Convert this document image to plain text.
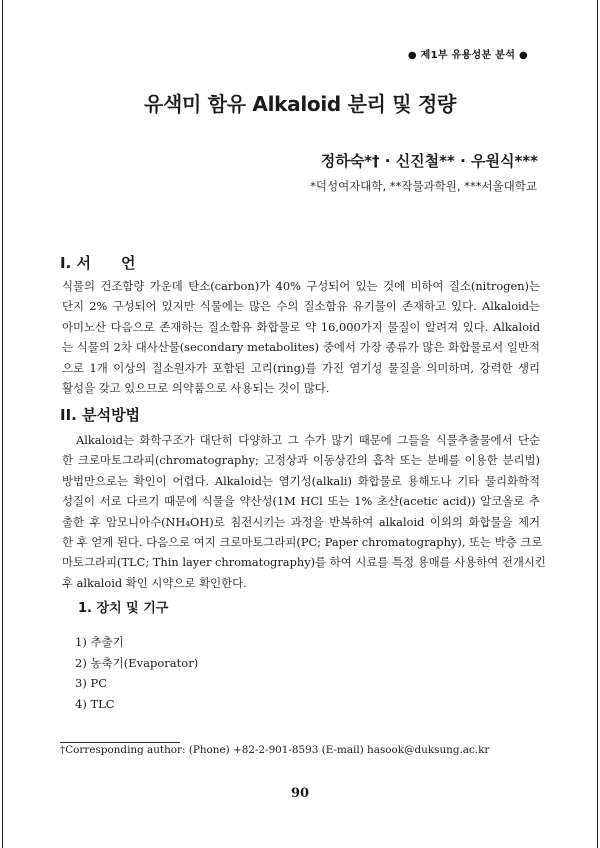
● 제1부 유용성분 분석 ●
유색미 함유 Alkaloid 분리 및 정량
정하숙*† · 신진철** · 우원식***
*덕성여자대학, **작물과학원, ***서울대학교
I. 서　　언
식물의 건조함량 가운데 탄소(carbon)가 40% 구성되어 있는 것에 비하여 질소(nitrogen)는
단지 2% 구성되어 있지만 식물에는 많은 수의 질소함유 유기물이 존재하고 있다. Alkaloid는
아미노산 다음으로 존재하는 질소함유 화합물로 약 16,000가지 물질이 알려져 있다. Alkaloid
는 식물의 2차 대사산물(secondary metabolites) 중에서 가장 종류가 많은 화합물로서 일반적
으로 1개 이상의 질소원자가 포함된 고리(ring)를 가진 염기성 물질을 의미하며, 강력한 생리
활성을 갖고 있으므로 의약품으로 사용되는 것이 많다.
II. 분석방법
Alkaloid는 화학구조가 대단히 다양하고 그 수가 많기 때문에 그들을 식물추출물에서 단순
한 크로마토그라피(chromatography; 고정상과 이동상간의 흡착 또는 분배를 이용한 분리법)
방법만으로는 확인이 어렵다. Alkaloid는 염기성(alkali) 화합물로 용해도나 기타 물리화학적
성질이 서로 다르기 때문에 식물을 약산성(1M HCl 또는 1% 초산(acetic acid)) 알코올로 추
출한 후 암모니아수(NH₄OH)로 침전시키는 과정을 반복하여 alkaloid 이외의 화합물을 제거
한 후 얻게 된다. 다음으로 여지 크로마토그라피(PC; Paper chromatography), 또는 박층 크로
마토그라피(TLC; Thin layer chromatography)를 하여 시료를 특정 용매를 사용하여 전개시킨
후 alkaloid 확인 시약으로 확인한다.
1. 장치 및 기구
1) 추출기
2) 농축기(Evaporator)
3) PC
4) TLC
†Corresponding author: (Phone) +82-2-901-8593 (E-mail) hasook@duksung.ac.kr
90
